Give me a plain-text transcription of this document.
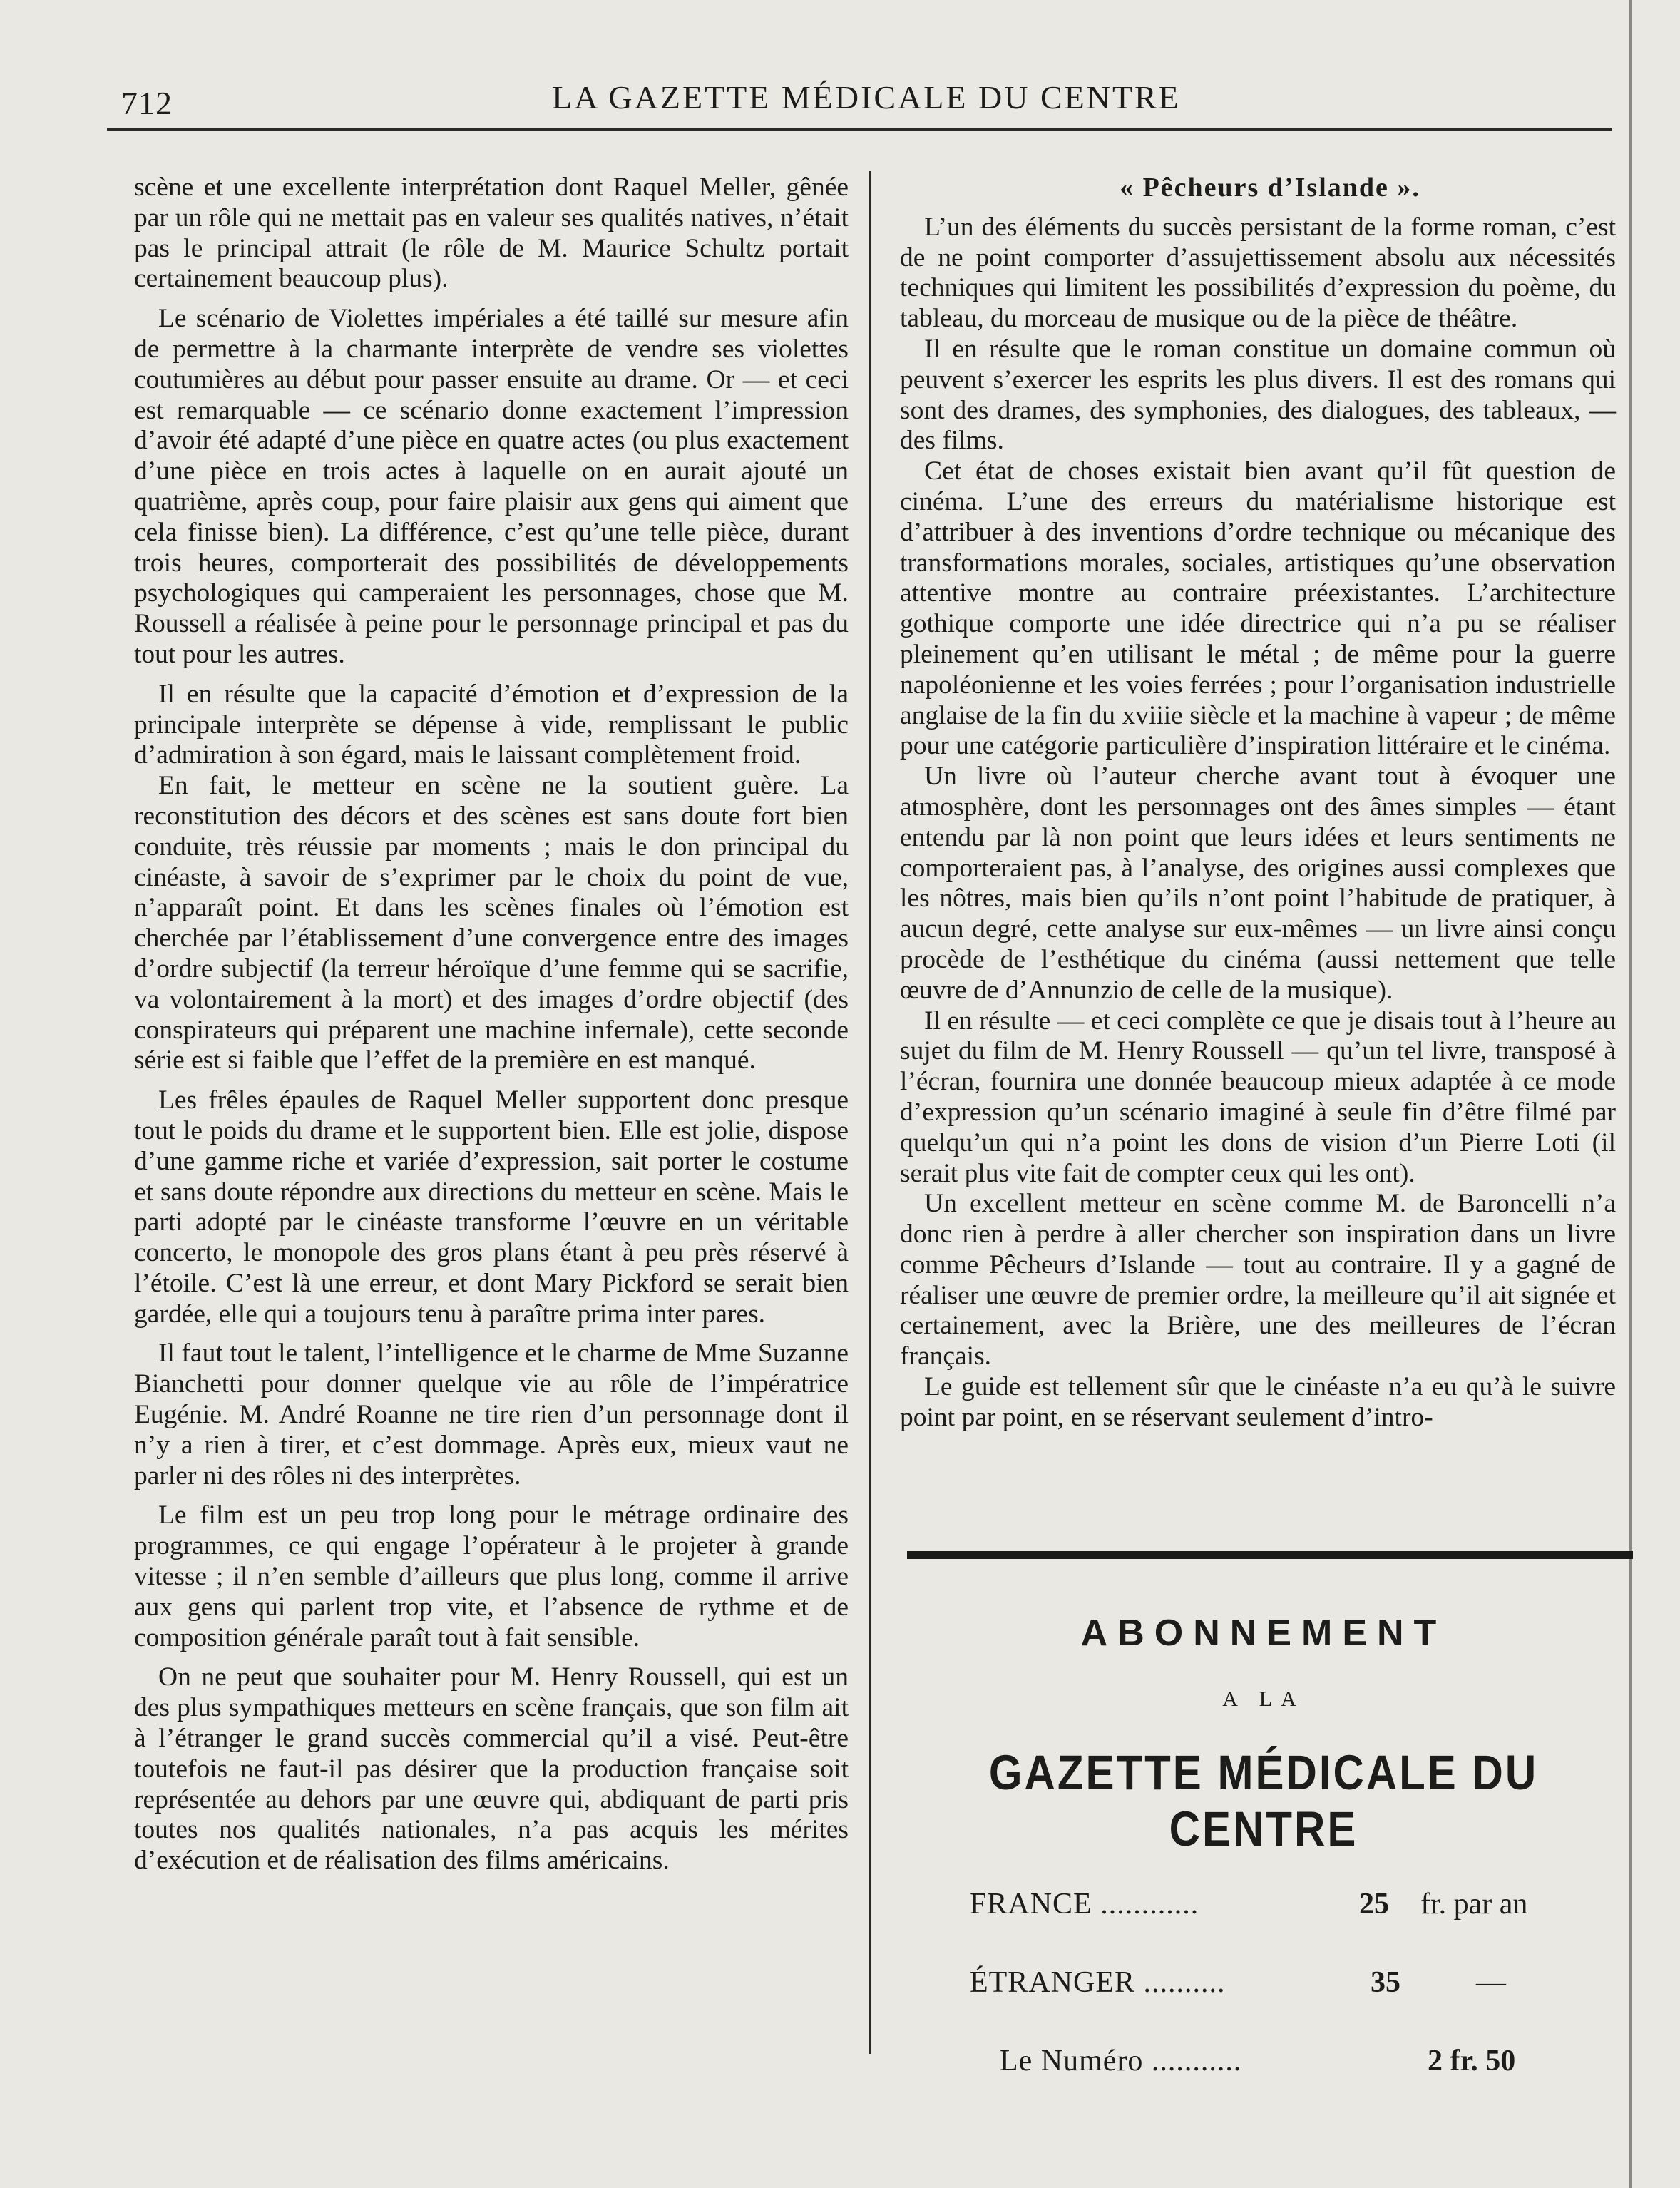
712	LA GAZETTE MÉDICALE DU CENTRE

scène et une excellente interprétation dont Raquel Meller, gênée par un rôle qui ne mettait pas en valeur ses qualités natives, n’était pas le principal attrait (le rôle de M. Maurice Schultz portait certainement beaucoup plus).

Le scénario de Violettes impériales a été taillé sur mesure afin de permettre à la charmante interprète de vendre ses violettes coutumières au début pour passer ensuite au drame. Or — et ceci est remarquable — ce scénario donne exactement l’impression d’avoir été adapté d’une pièce en quatre actes (ou plus exactement d’une pièce en trois actes à laquelle on en aurait ajouté un quatrième, après coup, pour faire plaisir aux gens qui aiment que cela finisse bien). La différence, c’est qu’une telle pièce, durant trois heures, comporterait des possibilités de développements psychologiques qui camperaient les personnages, chose que M. Roussell a réalisée à peine pour le personnage principal et pas du tout pour les autres.

Il en résulte que la capacité d’émotion et d’expression de la principale interprète se dépense à vide, remplissant le public d’admiration à son égard, mais le laissant complètement froid.

En fait, le metteur en scène ne la soutient guère. La reconstitution des décors et des scènes est sans doute fort bien conduite, très réussie par moments ; mais le don principal du cinéaste, à savoir de s’exprimer par le choix du point de vue, n’apparaît point. Et dans les scènes finales où l’émotion est cherchée par l’établissement d’une convergence entre des images d’ordre subjectif (la terreur héroïque d’une femme qui se sacrifie, va volontairement à la mort) et des images d’ordre objectif (des conspirateurs qui préparent une machine infernale), cette seconde série est si faible que l’effet de la première en est manqué.

Les frêles épaules de Raquel Meller supportent donc presque tout le poids du drame et le supportent bien. Elle est jolie, dispose d’une gamme riche et variée d’expression, sait porter le costume et sans doute répondre aux directions du metteur en scène. Mais le parti adopté par le cinéaste transforme l’œuvre en un véritable concerto, le monopole des gros plans étant à peu près réservé à l’étoile. C’est là une erreur, et dont Mary Pickford se serait bien gardée, elle qui a toujours tenu à paraître prima inter pares.

Il faut tout le talent, l’intelligence et le charme de Mme Suzanne Bianchetti pour donner quelque vie au rôle de l’impératrice Eugénie. M. André Roanne ne tire rien d’un personnage dont il n’y a rien à tirer, et c’est dommage. Après eux, mieux vaut ne parler ni des rôles ni des interprètes.

Le film est un peu trop long pour le métrage ordinaire des programmes, ce qui engage l’opérateur à le projeter à grande vitesse ; il n’en semble d’ailleurs que plus long, comme il arrive aux gens qui parlent trop vite, et l’absence de rythme et de composition générale paraît tout à fait sensible.

On ne peut que souhaiter pour M. Henry Roussell, qui est un des plus sympathiques metteurs en scène français, que son film ait à l’étranger le grand succès commercial qu’il a visé. Peut-être toutefois ne faut-il pas désirer que la production française soit représentée au dehors par une œuvre qui, abdiquant de parti pris toutes nos qualités nationales, n’a pas acquis les mérites d’exécution et de réalisation des films américains.

« Pêcheurs d’Islande ».

L’un des éléments du succès persistant de la forme roman, c’est de ne point comporter d’assujettissement absolu aux nécessités techniques qui limitent les possibilités d’expression du poème, du tableau, du morceau de musique ou de la pièce de théâtre.

Il en résulte que le roman constitue un domaine commun où peuvent s’exercer les esprits les plus divers. Il est des romans qui sont des drames, des symphonies, des dialogues, des tableaux, — des films.

Cet état de choses existait bien avant qu’il fût question de cinéma. L’une des erreurs du matérialisme historique est d’attribuer à des inventions d’ordre technique ou mécanique des transformations morales, sociales, artistiques qu’une observation attentive montre au contraire préexistantes. L’architecture gothique comporte une idée directrice qui n’a pu se réaliser pleinement qu’en utilisant le métal ; de même pour la guerre napoléonienne et les voies ferrées ; pour l’organisation industrielle anglaise de la fin du xviiie siècle et la machine à vapeur ; de même pour une catégorie particulière d’inspiration littéraire et le cinéma.

Un livre où l’auteur cherche avant tout à évoquer une atmosphère, dont les personnages ont des âmes simples — étant entendu par là non point que leurs idées et leurs sentiments ne comporteraient pas, à l’analyse, des origines aussi complexes que les nôtres, mais bien qu’ils n’ont point l’habitude de pratiquer, à aucun degré, cette analyse sur eux-mêmes — un livre ainsi conçu procède de l’esthétique du cinéma (aussi nettement que telle œuvre de d’Annunzio de celle de la musique).

Il en résulte — et ceci complète ce que je disais tout à l’heure au sujet du film de M. Henry Roussell — qu’un tel livre, transposé à l’écran, fournira une donnée beaucoup mieux adaptée à ce mode d’expression qu’un scénario imaginé à seule fin d’être filmé par quelqu’un qui n’a point les dons de vision d’un Pierre Loti (il serait plus vite fait de compter ceux qui les ont).

Un excellent metteur en scène comme M. de Baroncelli n’a donc rien à perdre à aller chercher son inspiration dans un livre comme Pêcheurs d’Islande — tout au contraire. Il y a gagné de réaliser une œuvre de premier ordre, la meilleure qu’il ait signée et certainement, avec la Brière, une des meilleures de l’écran français.

Le guide est tellement sûr que le cinéaste n’a eu qu’à le suivre point par point, en se réservant seulement d’intro-

ABONNEMENT
A LA
GAZETTE MÉDICALE DU CENTRE
FRANCE ............	25 fr. par an
ÉTRANGER ..........	35	—
Le Numéro ...........	2 fr. 50
